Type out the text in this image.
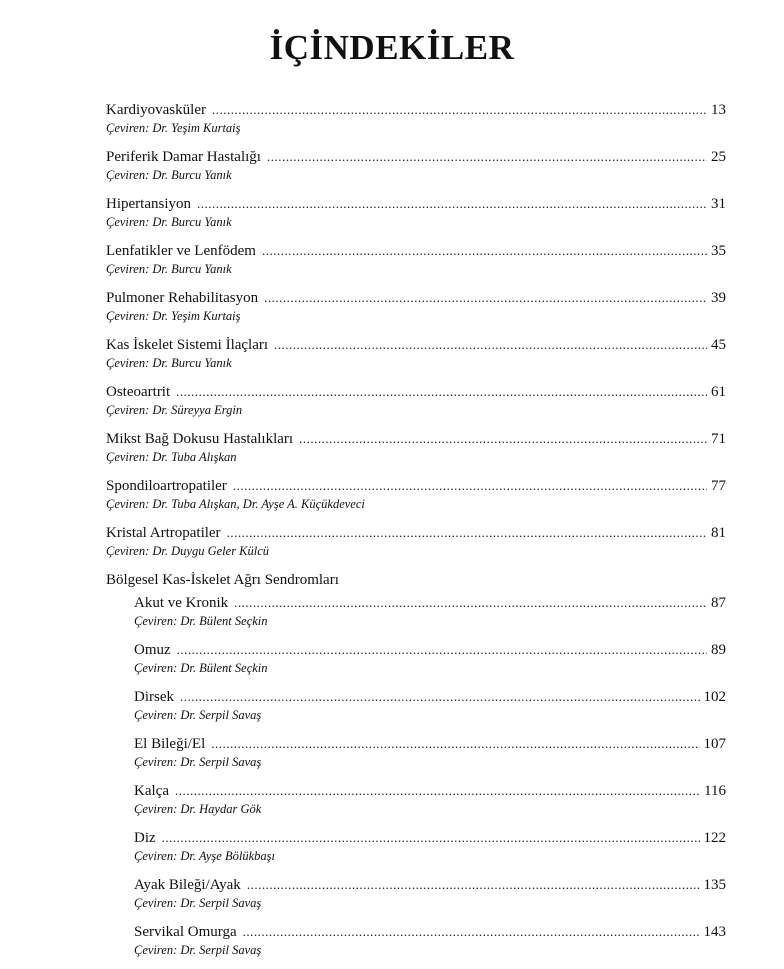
İÇİNDEKİLER
Kardiyovasküler .....	13
Çeviren: Dr. Yeşim Kurtaiş
Periferik Damar Hastalığı .....	25
Çeviren: Dr. Burcu Yanık
Hipertansiyon .....	31
Çeviren: Dr. Burcu Yanık
Lenfatikler ve Lenfödem .....	35
Çeviren: Dr. Burcu Yanık
Pulmoner Rehabilitasyon .....	39
Çeviren: Dr. Yeşim Kurtaiş
Kas İskelet Sistemi İlaçları .....	45
Çeviren: Dr. Burcu Yanık
Osteoartrit .....	61
Çeviren: Dr. Süreyya Ergin
Mikst Bağ Dokusu Hastalıkları .....	71
Çeviren: Dr. Tuba Alışkan
Spondiloartropatiler .....	77
Çeviren: Dr. Tuba Alışkan, Dr. Ayşe A. Küçükdeveci
Kristal Artropatiler .....	81
Çeviren: Dr. Duygu Geler Külcü
Bölgesel Kas-İskelet Ağrı Sendromları
Akut ve Kronik .....	87
Çeviren: Dr. Bülent Seçkin
Omuz .....	89
Çeviren: Dr. Bülent Seçkin
Dirsek .....	102
Çeviren: Dr. Serpil Savaş
El Bileği/El .....	107
Çeviren: Dr. Serpil Savaş
Kalça .....	116
Çeviren: Dr. Haydar Gök
Diz .....	122
Çeviren: Dr. Ayşe Bölükbaşı
Ayak Bileği/Ayak .....	135
Çeviren: Dr. Serpil Savaş
Servikal Omurga .....	143
Çeviren: Dr. Serpil Savaş
